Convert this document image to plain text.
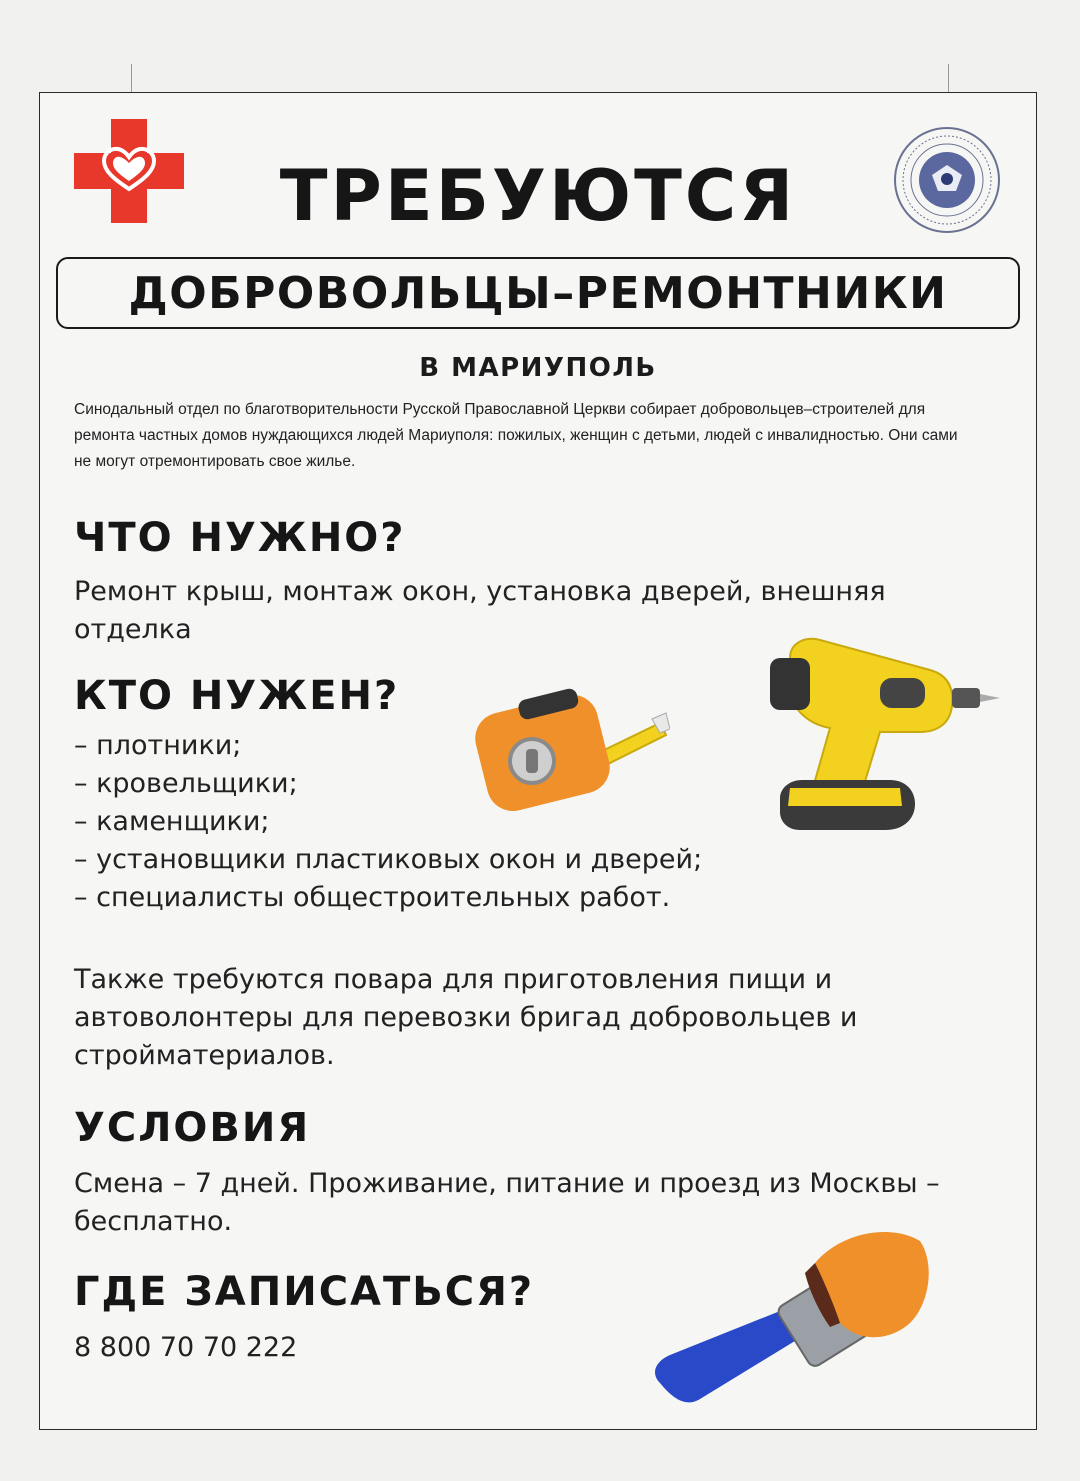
ТРЕБУЮТСЯ
ДОБРОВОЛЬЦЫ–РЕМОНТНИКИ
В МАРИУПОЛЬ
Синодальный отдел по благотворительности Русской Православной Церкви собирает добровольцев–строителей для ремонта частных домов нуждающихся людей Мариуполя: пожилых, женщин с детьми, людей с инвалидностью. Они сами не могут отремонтировать свое жилье.
ЧТО НУЖНО?
Ремонт крыш, монтаж окон, установка дверей, внешняя отделка
КТО НУЖЕН?
– плотники;
– кровельщики;
– каменщики;
– установщики пластиковых окон и дверей;
– специалисты общестроительных работ.
Также требуются повара для приготовления пищи и автоволонтеры для перевозки бригад добровольцев и стройматериалов.
УСЛОВИЯ
Смена – 7 дней. Проживание, питание и проезд из Москвы – бесплатно.
ГДЕ ЗАПИСАТЬСЯ?
8 800 70 70 222
